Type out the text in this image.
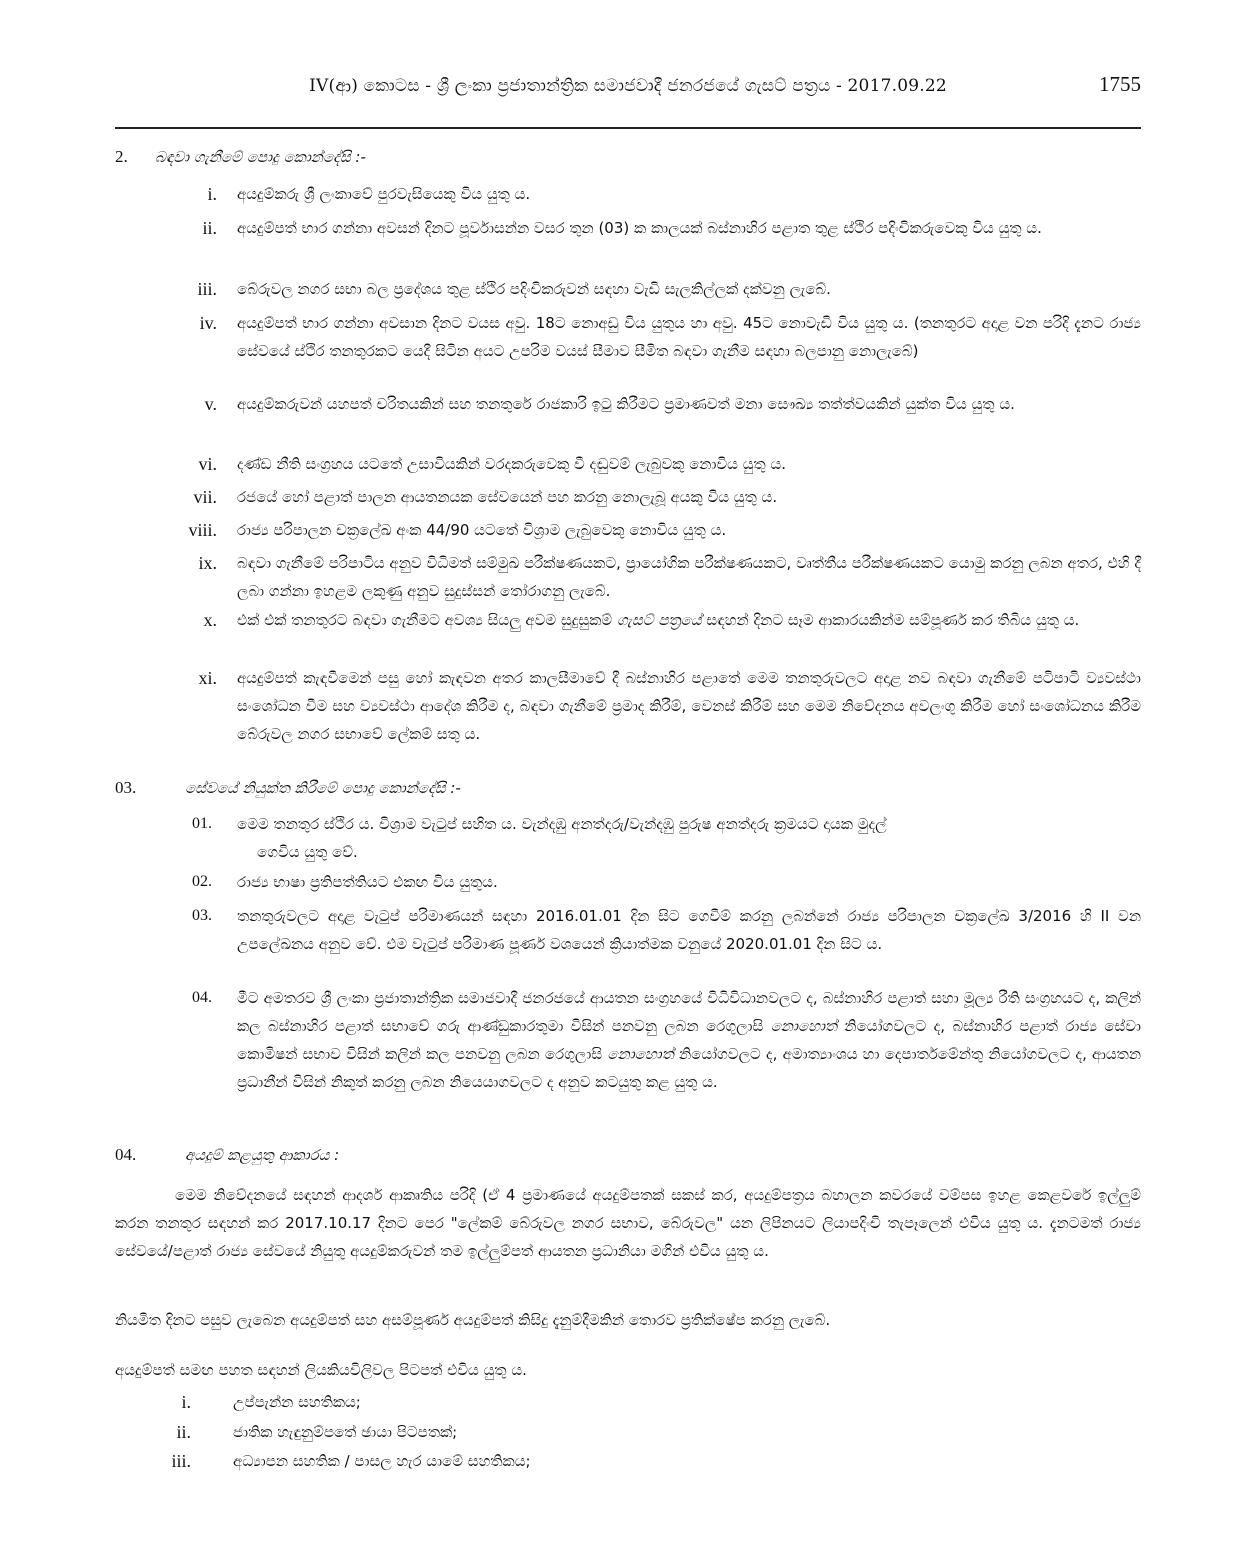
IV(ආ) කොටස - ශ්‍රී ලංකා ප්‍රජාතාන්ත්‍රික සමාජවාදී ජනරජයේ ගැසට් පත්‍රය - 2017.09.22	1755
2. බඳවා ගැනීමේ පොදු කොන්දේසි :-
i. අයදුම්කරු ශ්‍රී ලංකාවේ පුරවැසියෙකු විය යුතු ය.
ii. අයදුම්පත් භාර ගන්නා අවසන් දිනට පූර්වාසන්න වසර තුන (03) ක කාලයක් බස්නාහිර පළාත තුළ ස්ථිර පදිංචිකරුවෙකු විය යුතු ය.
iii. බේරුවල නගර සභා බල ප්‍රදේශය තුළ ස්ථිර පදිංචිකරුවන් සඳහා වැඩි සැලකිල්ලක් දක්වනු ලැබේ.
iv. අයදුම්පත් භාර ගන්නා අවසාන දිනට වයස අවු. 18ට නොඅඩු විය යුතුය හා අවු. 45ට නොවැඩි විය යුතු ය. (තනතුරට අදාළ වන පරිදි දැනට රාජ්‍ය සේවයේ ස්ථිර තනතුරකට යෙදී සිටින අයට උපරිම වයස් සීමාව සීමිත බඳවා ගැනීම සඳහා බලපානු නොලැබේ)
v. අයදුම්කරුවන් යහපත් චරිතයකින් සහ තනතුරේ රාජකාරි ඉටු කිරීමට ප්‍රමාණවත් මනා සෞඛ්‍ය තත්ත්වයකින් යුක්ත විය යුතු ය.
vi. දණ්ඩ නීති සංග්‍රහය යටතේ උසාවියකින් වරදකරුවෙකු වී දඬුවම් ලැබුවකු නොවිය යුතු ය.
vii. රජයේ හෝ පළාත් පාලන ආයතනයක සේවයෙන් පහ කරනු නොලැබූ අයකු විය යුතු ය.
viii. රාජ්‍ය පරිපාලන චක්‍රලේඛ අංක 44/90 යටතේ විශ්‍රාම ලැබුවෙකු නොවිය යුතු ය.
ix. බඳවා ගැනීමේ පරිපාටිය අනුව විධිමත් සම්මුඛ පරීක්ෂණයකට, ප්‍රායෝගික පරීක්ෂණයකට, වෘත්තීය පරීක්ෂණයකට යොමු කරනු ලබන අතර, එහි දී ලබා ගන්නා ඉහළම ලකුණු අනුව සුදුස්සන් තෝරාගනු ලැබේ.
x. එක් එක් තනතුරට බඳවා ගැනීමට අවශ්‍ය සියලු අවම සුදුසුකම් ගැසට් පත්‍රයේ සඳහන් දිනට සෑම ආකාරයකින්ම සම්පූර්ණ කර තිබිය යුතු ය.
xi. අයදුම්පත් කැඳවීමෙන් පසු හෝ කැඳවන අතර කාලසීමාවේ දී බස්නාහිර පළාතේ මෙම තනතුරුවලට අදාළ නව බඳවා ගැනීමේ පටිපාටි ව්‍යවස්ථා සංශෝධන වීම සහ ව්‍යවස්ථා ආදේශ කිරීම ද, බඳවා ගැනීමේ ප්‍රමාද කිරීම්, වෙනස් කිරීම් සහ මෙම නිවේදනය අවලංගු කිරීම හෝ සංශෝධනය කිරීම බේරුවල නගර සභාවේ ලේකම් සතු ය.
03.	සේවයේ නියුක්ත කිරීමේ පොදු කොන්දේසි :-
01.	මෙම තනතුර ස්ථිර ය. විශ්‍රාම වැටුප් සහිත ය. වැන්දඹු අනත්දරු/වැන්දඹු පුරුෂ අනත්දරු ක්‍රමයට දායක මුදල්
ගෙවිය යුතු වේ.
02.	රාජ්‍ය භාෂා ප්‍රතිපත්තියට එකඟ විය යුතුය.
03.	තනතුරුවලට අදාළ වැටුප් පරිමාණයන් සඳහා 2016.01.01 දින සිට ගෙවීම් කරනු ලබන්නේ රාජ්‍ය පරිපාලන චක්‍රලේඛ 3/2016 හි II වන උපලේඛනය අනුව වේ. එම වැටුප් පරිමාණ පූර්ණ වශයෙන් ක්‍රියාත්මක වනුයේ 2020.01.01 දින සිට ය.
04.	මීට අමතරව ශ්‍රී ලංකා ප්‍රජාතාන්ත්‍රික සමාජවාදී ජනරජයේ ආයතන සංග්‍රහයේ විධිවිධානවලට ද, බස්නාහිර පළාත් සහා මූල්‍ය රීති සංග්‍රහයට ද, කලින් කල බස්නාහිර පළාත් සභාවේ ගරු ආණ්ඩුකාරතුමා විසින් පනවනු ලබන රෙගුලාසි නොහොත් නියෝගවලට ද, බස්නාහිර පළාත් රාජ්‍ය සේවා කොමිෂන් සභාව විසින් කලින් කල පනවනු ලබන රෙගුලාසි නොහොත් නියෝගවලට ද, අමාත්‍යාංශය හා දෙපාර්තමේන්තු නියෝගවලට ද, ආයතන ප්‍රධානීන් විසින් නිකුත් කරනු ලබන නියෙයාගවලට ද අනුව කටයුතු කළ යුතු ය.
04.	අයදුම් කළයුතු ආකාරය :
මෙම නිවේදනයේ සඳහන් ආදර්ශ ආකෘතිය පරිදි (ඒ 4 ප්‍රමාණයේ අයදුම්පතක් සකස් කර, අයදුම්පත්‍රය බහාලන කවරයේ වම්පස ඉහළ කෙළවරේ ඉල්ලුම් කරන තනතුර සඳහන් කර 2017.10.17 දිනට පෙර "ලේකම් බේරුවල නගර සභාව, බේරුවල" යන ලිපිනයට ලියාපදිංචි තැපෑලෙන් එවිය යුතු ය. දැනටමත් රාජ්‍ය සේවයේ/පළාත් රාජ්‍ය සේවයේ නියුතු අයදුම්කරුවන් තම ඉල්ලුම්පත් ආයතන ප්‍රධානියා මගින් එවිය යුතු ය.
නියමිත දිනට පසුව ලැබෙන අයදුම්පත් සහ අසම්පූර්ණ අයදුම්පත් කිසිදු දැනුම්දීමකින් තොරව ප්‍රතික්ෂේප කරනු ලැබේ.
අයදුම්පත් සමඟ පහත සඳහන් ලියකියවිලිවල පිටපත් එවිය යුතු ය.
i.	උප්පැන්න සහතිකය;
ii.	ජාතික හැඳුනුම්පතේ ඡායා පිටපතක්;
iii.	අධ්‍යාපන සහතික / පාසල හැර යාමේ සහතිකය;
